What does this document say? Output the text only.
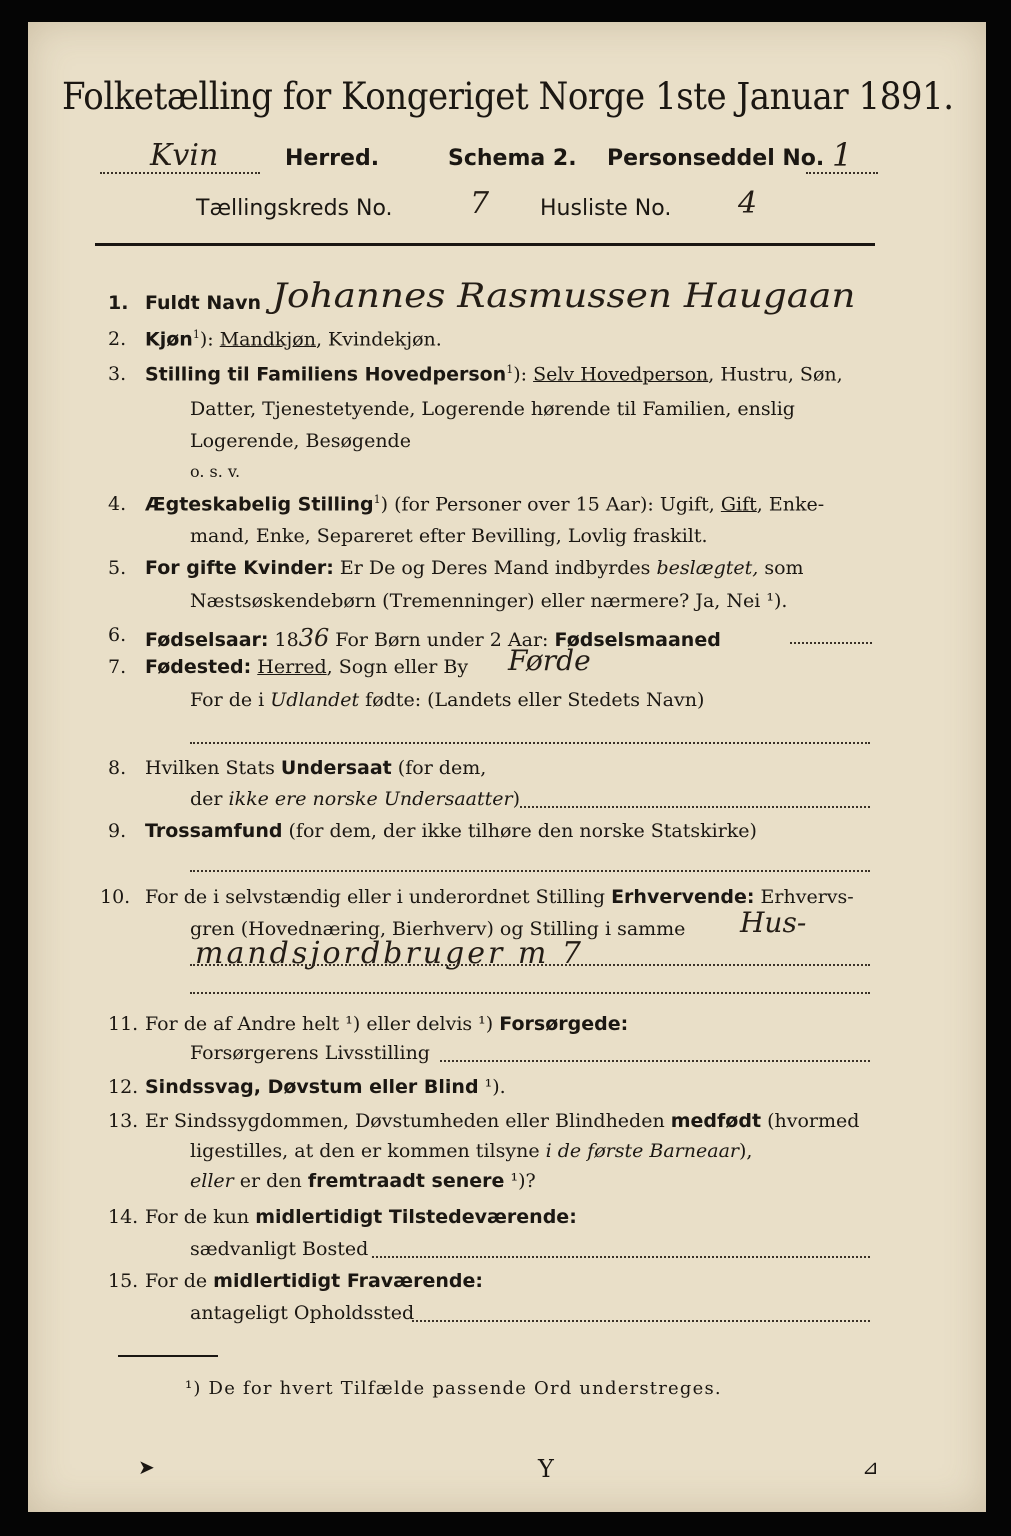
Folketælling for Kongeriget Norge 1ste Januar 1891.
Kvin	Herred.	Schema 2. Personseddel No. 1
Tællingskreds No.	7 Husliste No. 4
1. Fuldt Navn Johannes Rasmussen Haugaan
2. Kjøn$^1$): Mandkjøn, Kvindekjøn.
3. Stilling til Familiens Hovedperson$^1$): Selv Hovedperson, Hustru, Søn,
Datter, Tjenestetyende, Logerende hørende til Familien, enslig
Logerende, Besøgende
o. s. v.
4. Ægteskabelig Stilling$^1$) (for Personer over 15 Aar): Ugift, Gift, Enke-
mand, Enke, Separeret efter Bevilling, Lovlig fraskilt.
5. For gifte Kvinder: Er De og Deres Mand indbyrdes beslægtet, som
Næstsøskendebørn (Tremenninger) eller nærmere? Ja, Nei ¹).
6. Fødselsaar: 1836 For Børn under 2 Aar: Fødselsmaaned
7. Fødested: Herred, Sogn eller By Førde
For de i Udlandet fødte: (Landets eller Stedets Navn)
8. Hvilken Stats Undersaat (for dem,
der ikke ere norske Undersaatter)
9. Trossamfund (for dem, der ikke tilhøre den norske Statskirke)
10. For de i selvstændig eller i underordnet Stilling Erhvervende: Erhvervs-
gren (Hovednæring, Bierhverv) og Stilling i samme Hus-
mandsjordbruger m 7
11. For de af Andre helt ¹) eller delvis ¹) Forsørgede:
Forsørgerens Livsstilling
12. Sindssvag, Døvstum eller Blind ¹).
13. Er Sindssygdommen, Døvstumheden eller Blindheden medfødt (hvormed
ligestilles, at den er kommen tilsyne i de første Barneaar),
eller er den fremtraadt senere ¹)?
14. For de kun midlertidigt Tilstedeværende:
sædvanligt Bosted
15. For de midlertidigt Fraværende:
antageligt Opholdssted
¹) De for hvert Tilfælde passende Ord understreges.
➤	Y	⊿
